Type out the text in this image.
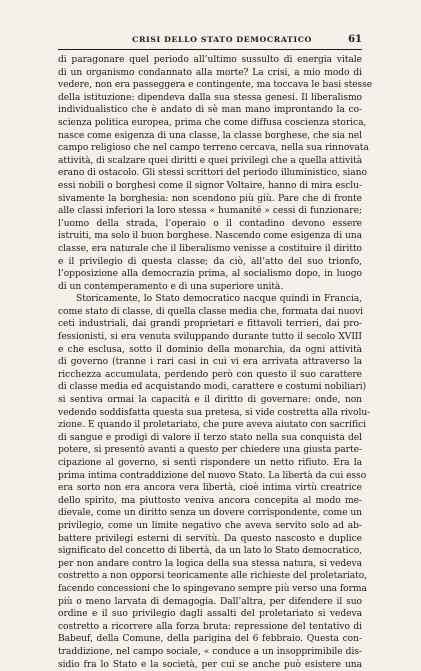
CRISI DELLO STATO DEMOCRATICO	61
di paragonare quel periodo all’ultimo sussulto di energia vitale
di un organismo condannato alla morte? La crisi, a mio modo di
vedere, non era passeggera e contingente, ma toccava le basi stesse
della istituzione: dipendeva dalla sua stessa genesi. Il liberalismo
individualistico che è andato di sè man mano improntando la co-
scienza politica europea, prima che come diffusa coscienza storica,
nasce come esigenza di una classe, la classe borghese, che sia nel
campo religioso che nel campo terreno cercava, nella sua rinnovata
attività, di scalzare quei diritti e quei privilegi che a quella attività
erano di ostacolo. Gli stessi scrittori del periodo illuministico, siano
essi nobili o borghesi come il signor Voltaire, hanno di mira esclu-
sivamente la borghesia: non scendono più giù. Pare che di fronte
alle classi inferiori la loro stessa « humanité » cessi di funzionare;
l’uomo della strada, l’operaio o il contadino devono essere
istruiti, ma solo il buon borghese. Nascendo come esigenza di una
classe, era naturale che il liberalismo venisse a costituire il diritto
e il privilegio di questa classe; da ciò, all’atto del suo trionfo,
l’opposizione alla democrazia prima, al socialismo dopo, in luogo
di un contemperamento e di una superiore unità.
Storicamente, lo Stato democratico nacque quindi in Francia,
come stato di classe, di quella classe media che, formata dai nuovi
ceti industriali, dai grandi proprietari e fittavoli terrieri, dai pro-
fessionisti, si era venuta sviluppando durante tutto il secolo XVIII
e che esclusa, sotto il dominio della monarchia, da ogni attività
di governo (tranne i rari casi in cui vi era arrivata attraverso la
ricchezza accumulata, perdendo però con questo il suo carattere
di classe media ed acquistando modi, carattere e costumi nobiliari)
si sentiva ormai la capacità e il diritto di governare: onde, non
vedendo soddisfatta questa sua pretesa, si vide costretta alla rivolu-
zione. E quando il proletariato, che pure aveva aiutato con sacrifici
di sangue e prodigi di valore il terzo stato nella sua conquista del
potere, si presentò avanti a questo per chiedere una giusta parte-
cipazione al governo, si sentì rispondere un netto rifiuto. Era la
prima intima contraddizione del nuovo Stato. La libertà da cui esso
era sorto non era ancora vera libertà, cioè intima virtù creatrice
dello spirito, ma piuttosto veniva ancora concepita al modo me-
dievale, come un diritto senza un dovere corrispondente, come un
privilegio, come un limite negativo che aveva servito solo ad ab-
battere privilegi esterni di servitù. Da questo nascosto e duplice
significato del concetto di libertà, da un lato lo Stato democratico,
per non andare contro la logica della sua stessa natura, si vedeva
costretto a non opporsi teoricamente alle richieste del proletariato,
facendo concessioni che lo spingevano sempre più verso una forma
più o meno larvata di demagogia. Dall’altra, per difendere il suo
ordine e il suo privilegio dagli assalti del proletariato si vedeva
costretto a ricorrere alla forza bruta: repressione del tentativo di
Babeuf, della Comune, della parigina del 6 febbraio. Questa con-
traddizione, nel campo sociale, « conduce a un insopprimibile dis-
sidio fra lo Stato e la società, per cui se anche può esistere una
